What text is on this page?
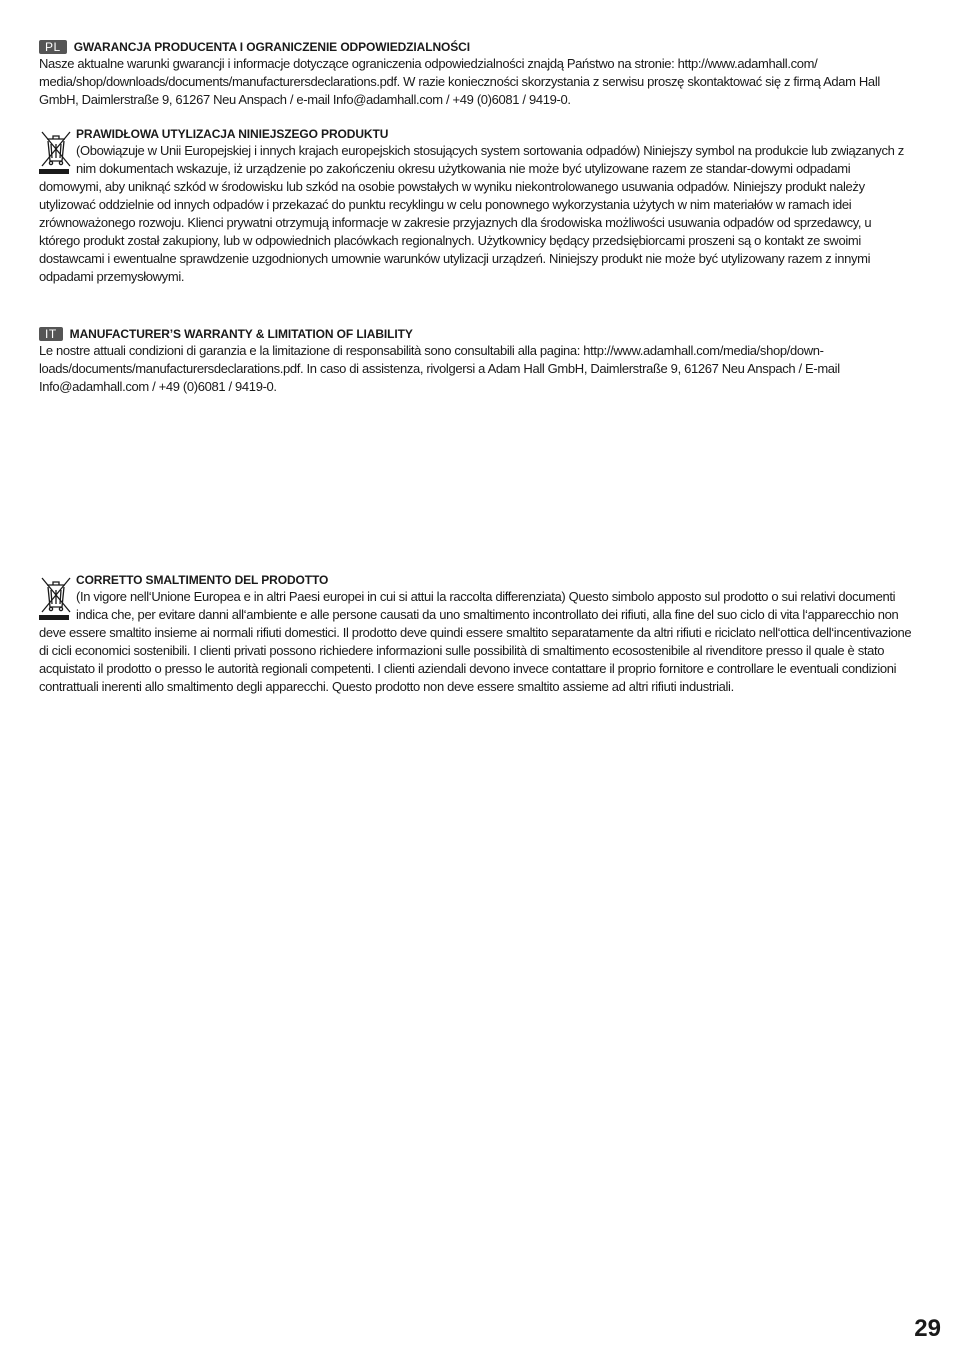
PL	GWARANCJA PRODUCENTA I OGRANICZENIE ODPOWIEDZIALNOŚCI

Nasze aktualne warunki gwarancji i informacje dotyczące ograniczenia odpowiedzialności znajdą Państwo na stronie: http://www.adamhall.com/ media/shop/downloads/documents/manufacturersdeclarations.pdf. W razie konieczności skorzystania z serwisu proszę skontaktować się z firmą Adam Hall GmbH, Daimlerstraße 9, 61267 Neu Anspach / e-mail Info@adamhall.com / +49 (0)6081 / 9419-0.

PRAWIDŁOWA UTYLIZACJA NINIEJSZEGO PRODUKTU

(Obowiązuje w Unii Europejskiej i innych krajach europejskich stosujących system sortowania odpadów) Niniejszy symbol na produkcie lub związanych z nim dokumentach wskazuje, iż urządzenie po zakończeniu okresu użytkowania nie może być utylizowane razem ze standar-dowymi odpadami domowymi, aby uniknąć szkód w środowisku lub szkód na osobie powstałych w wyniku niekontrolowanego usuwania odpadów. Niniejszy produkt należy utylizować oddzielnie od innych odpadów i przekazać do punktu recyklingu w celu ponownego wykorzystania użytych w nim materiałów w ramach idei zrównoważonego rozwoju. Klienci prywatni otrzymują informacje w zakresie przyjaznych dla środowiska możliwości usuwania odpadów od sprzedawcy, u którego produkt został zakupiony, lub w odpowiednich placówkach regionalnych. Użytkownicy będący przedsiębiorcami proszeni są o kontakt ze swoimi dostawcami i ewentualne sprawdzenie uzgodnionych umownie warunków utylizacji urządzeń. Niniejszy produkt nie może być utylizowany razem z innymi odpadami przemysłowymi.

IT	MANUFACTURER’S WARRANTY & LIMITATION OF LIABILITY

Le nostre attuali condizioni di garanzia e la limitazione di responsabilità sono consultabili alla pagina: http://www.adamhall.com/media/shop/down-loads/documents/manufacturersdeclarations.pdf. In caso di assistenza, rivolgersi a Adam Hall GmbH, Daimlerstraße 9, 61267 Neu Anspach / E-mail Info@adamhall.com / +49 (0)6081 / 9419-0.

CORRETTO SMALTIMENTO DEL PRODOTTO

(In vigore nell‘Unione Europea e in altri Paesi europei in cui si attui la raccolta differenziata) Questo simbolo apposto sul prodotto o sui relativi documenti indica che, per evitare danni all‘ambiente e alle persone causati da uno smaltimento incontrollato dei rifiuti, alla fine del suo ciclo di vita l‘apparecchio non deve essere smaltito insieme ai normali rifiuti domestici. Il prodotto deve quindi essere smaltito separatamente da altri rifiuti e riciclato nell‘ottica dell‘incentivazione di cicli economici sostenibili. I clienti privati possono richiedere informazioni sulle possibilità di smaltimento ecosostenibile al rivenditore presso il quale è stato acquistato il prodotto o presso le autorità regionali competenti. I clienti aziendali devono invece contattare il proprio fornitore e controllare le eventuali condizioni contrattuali inerenti allo smaltimento degli apparecchi. Questo prodotto non deve essere smaltito assieme ad altri rifiuti industriali.

29
